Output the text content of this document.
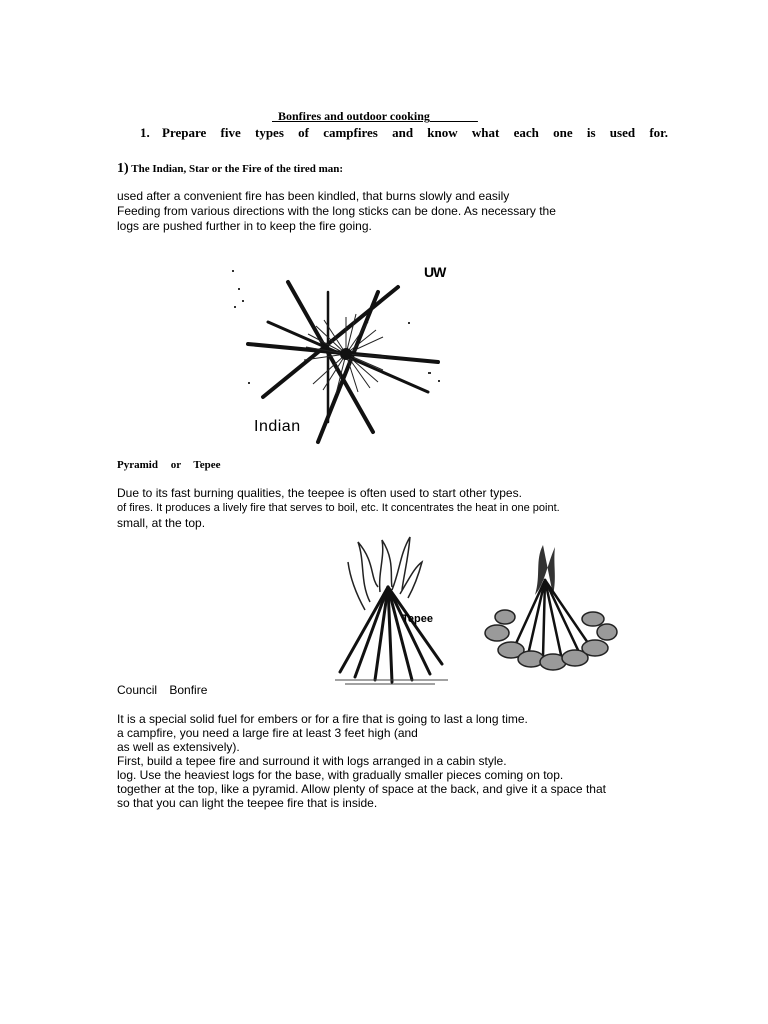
Bonfires and outdoor cooking    

1. Prepare five types of campfires and know what each one is used for.
1) The Indian, Star or the Fire of the tired man:
used after a convenient fire has been kindled, that burns slowly and easily
Feeding from various directions with the long sticks can be done. As necessary the
logs are pushed further in to keep the fire going.
Indian
UW
Pyramid or Tepee
Due to its fast burning qualities, the teepee is often used to start other types.
of fires. It produces a lively fire that serves to boil, etc. It concentrates the heat in one point.
small, at the top.
Tepee
Council Bonfire
It is a special solid fuel for embers or for a fire that is going to last a long time.
a campfire, you need a large fire at least 3 feet high (and
as well as extensively).
First, build a tepee fire and surround it with logs arranged in a cabin style.
log. Use the heaviest logs for the base, with gradually smaller pieces coming on top.
together at the top, like a pyramid. Allow plenty of space at the back, and give it a space that
so that you can light the teepee fire that is inside.
